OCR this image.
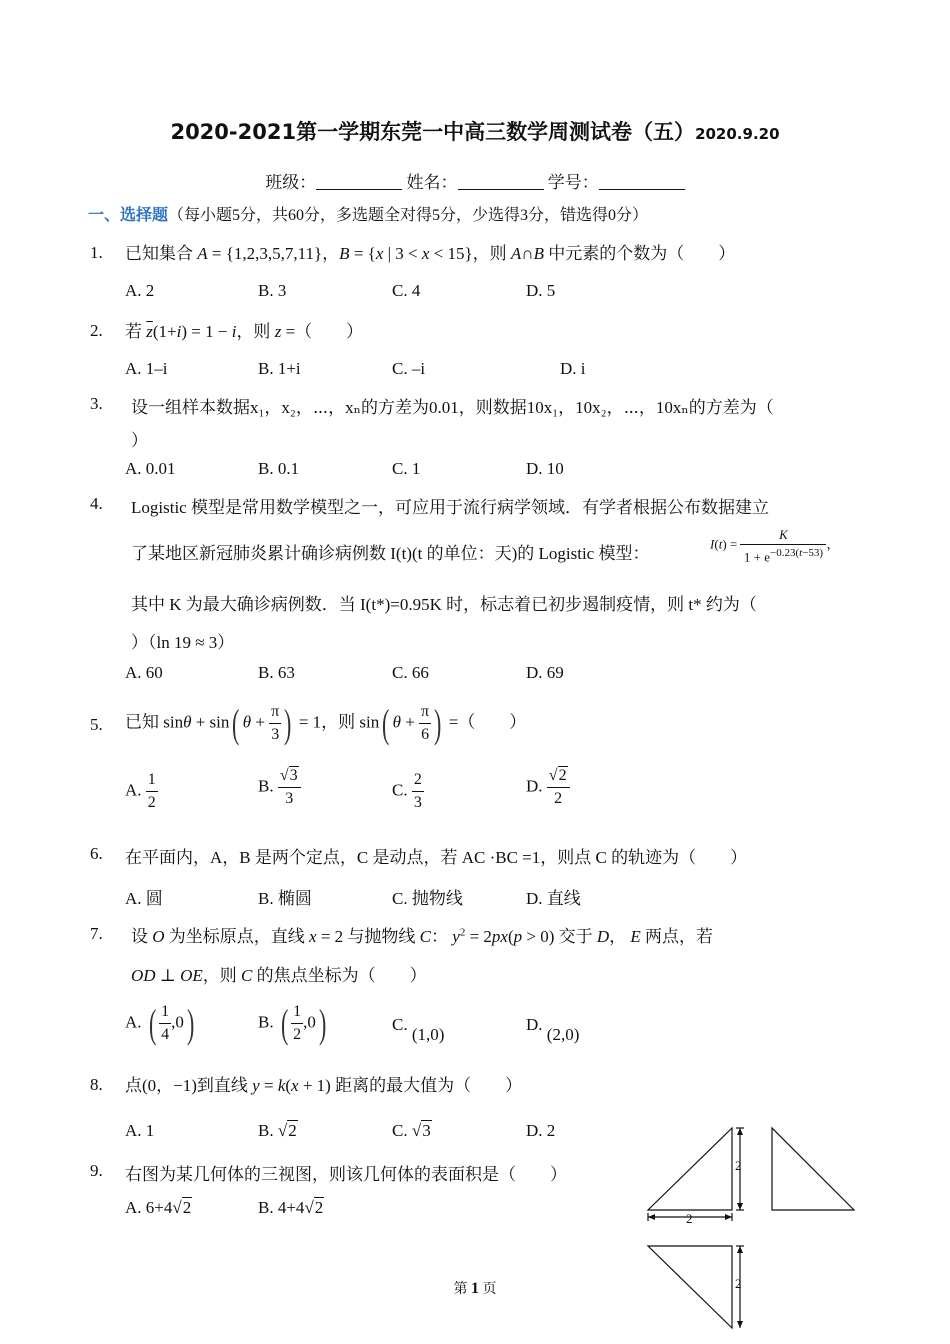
2020-2021第一学期东莞一中高三数学周测试卷（五）2020.9.20
班级：	姓名：	学号：
一、选择题（每小题5分，共60分，多选题全对得5分，少选得3分，错选得0分）
1. 已知集合 A = {1,2,3,5,7,11}，B = {x | 3 < x < 15}，则 A∩B 中元素的个数为（　　）
A. 2	B. 3	C. 4	D. 5
2. 若 $\overline{z}(1+i) = 1 - i$，则 z =（　　）
A. 1–i	B. 1+i	C. –i	D. i
3. 设一组样本数据x₁，x₂，⋯，xₙ的方差为0.01，则数据10x₁，10x₂，⋯，10xₙ的方差为（
）
A. 0.01	B. 0.1	C. 1	D. 10
4. Logistic 模型是常用数学模型之一，可应用于流行病学领域．有学者根据公布数据建立
了某地区新冠肺炎累计确诊病例数 I(t)(t 的单位：天)的 Logistic 模型：	$I(t) = \frac{K}{1 + e^{-0.23(t-53)}}$ ，
其中 K 为最大确诊病例数．当 I(t*)=0.95K 时，标志着已初步遏制疫情，则 t* 约为（
）（ln 19 ≈ 3）
A. 60	B. 63	C. 66	D. 69
5. 已知 sinθ + sin( $\theta + \frac{\pi}{3}$ ) = 1，则 sin( $\theta + \frac{\pi}{6}$ ) =（　　）
A. $\frac{1}{2}$	B. $\frac{√3}{3}$	C. $\frac{2}{3}$	D. $\frac{√2}{2}$
6. 在平面内，A，B 是两个定点，C 是动点，若 AC ·BC =1，则点 C 的轨迹为（　　）
A. 圆	B. 椭圆	C. 抛物线	D. 直线
7. 设 O 为坐标原点，直线 x = 2 与抛物线 C： $y^2 = 2px(p > 0)$ 交于 D， E 两点，若
OD ⊥ OE，则 C 的焦点坐标为（　　）
A. ( $\frac{1}{4} ,0$)	B. ( $\frac{1}{2} ,0$)	C. (1,0)
D. (2,0)
8. 点(0，−1)到直线 y = k(x + 1) 距离的最大值为（　　）
A. 1	B. √2	C. √3	D. 2
9. 右图为某几何体的三视图，则该几何体的表面积是（　　）
A. 6+4√2	B. 4+4√2
2
2
2
第 1 页
